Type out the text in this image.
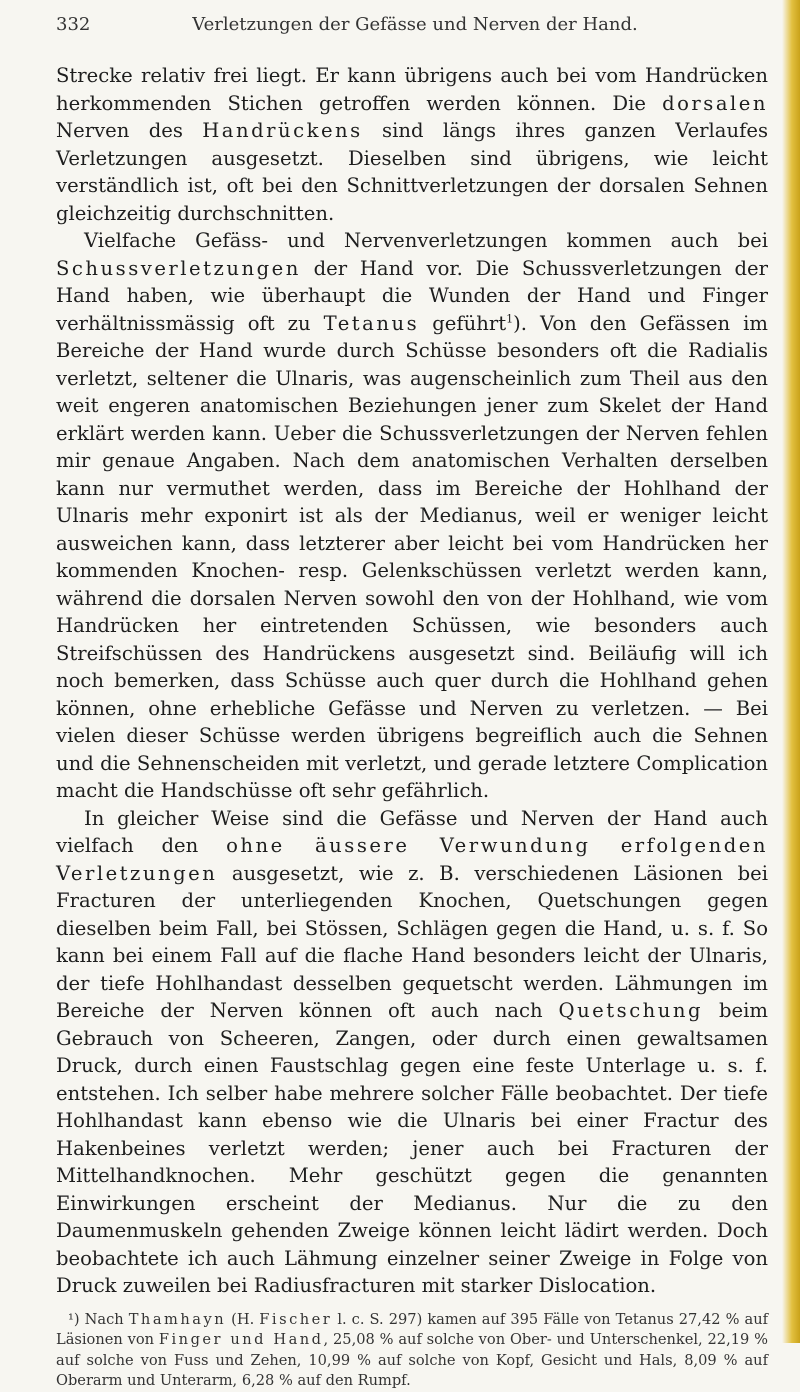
332	Verletzungen der Gefässe und Nerven der Hand.

Strecke relativ frei liegt. Er kann übrigens auch bei vom Handrücken herkommenden Stichen getroffen werden können. Die dorsalen Nerven des Handrückens sind längs ihres ganzen Verlaufes Verletzungen ausgesetzt. Dieselben sind übrigens, wie leicht verständlich ist, oft bei den Schnittverletzungen der dorsalen Sehnen gleichzeitig durchschnitten.

Vielfache Gefäss- und Nervenverletzungen kommen auch bei Schussverletzungen der Hand vor. Die Schussverletzungen der Hand haben, wie überhaupt die Wunden der Hand und Finger verhältnissmässig oft zu Tetanus geführt$^1$). Von den Gefässen im Bereiche der Hand wurde durch Schüsse besonders oft die Radialis verletzt, seltener die Ulnaris, was augenscheinlich zum Theil aus den weit engeren anatomischen Beziehungen jener zum Skelet der Hand erklärt werden kann. Ueber die Schussverletzungen der Nerven fehlen mir genaue Angaben. Nach dem anatomischen Verhalten derselben kann nur vermuthet werden, dass im Bereiche der Hohlhand der Ulnaris mehr exponirt ist als der Medianus, weil er weniger leicht ausweichen kann, dass letzterer aber leicht bei vom Handrücken her kommenden Knochen- resp. Gelenkschüssen verletzt werden kann, während die dorsalen Nerven sowohl den von der Hohlhand, wie vom Handrücken her eintretenden Schüssen, wie besonders auch Streifschüssen des Handrückens ausgesetzt sind. Beiläufig will ich noch bemerken, dass Schüsse auch quer durch die Hohlhand gehen können, ohne erhebliche Gefässe und Nerven zu verletzen. — Bei vielen dieser Schüsse werden übrigens begreiflich auch die Sehnen und die Sehnenscheiden mit verletzt, und gerade letztere Complication macht die Handschüsse oft sehr gefährlich.

In gleicher Weise sind die Gefässe und Nerven der Hand auch vielfach den ohne äussere Verwundung erfolgenden Verletzungen ausgesetzt, wie z. B. verschiedenen Läsionen bei Fracturen der unterliegenden Knochen, Quetschungen gegen dieselben beim Fall, bei Stössen, Schlägen gegen die Hand, u. s. f. So kann bei einem Fall auf die flache Hand besonders leicht der Ulnaris, der tiefe Hohlhandast desselben gequetscht werden. Lähmungen im Bereiche der Nerven können oft auch nach Quetschung beim Gebrauch von Scheeren, Zangen, oder durch einen gewaltsamen Druck, durch einen Faustschlag gegen eine feste Unterlage u. s. f. entstehen. Ich selber habe mehrere solcher Fälle beobachtet. Der tiefe Hohlhandast kann ebenso wie die Ulnaris bei einer Fractur des Hakenbeines verletzt werden; jener auch bei Fracturen der Mittelhandknochen. Mehr geschützt gegen die genannten Einwirkungen erscheint der Medianus. Nur die zu den Daumenmuskeln gehenden Zweige können leicht lädirt werden. Doch beobachtete ich auch Lähmung einzelner seiner Zweige in Folge von Druck zuweilen bei Radiusfracturen mit starker Dislocation.

¹) Nach Thamhayn (H. Fischer l. c. S. 297) kamen auf 395 Fälle von Tetanus 27,42 % auf Läsionen von Finger und Hand, 25,08 % auf solche von Ober- und Unterschenkel, 22,19 % auf solche von Fuss und Zehen, 10,99 % auf solche von Kopf, Gesicht und Hals, 8,09 % auf Oberarm und Unterarm, 6,28 % auf den Rumpf.
